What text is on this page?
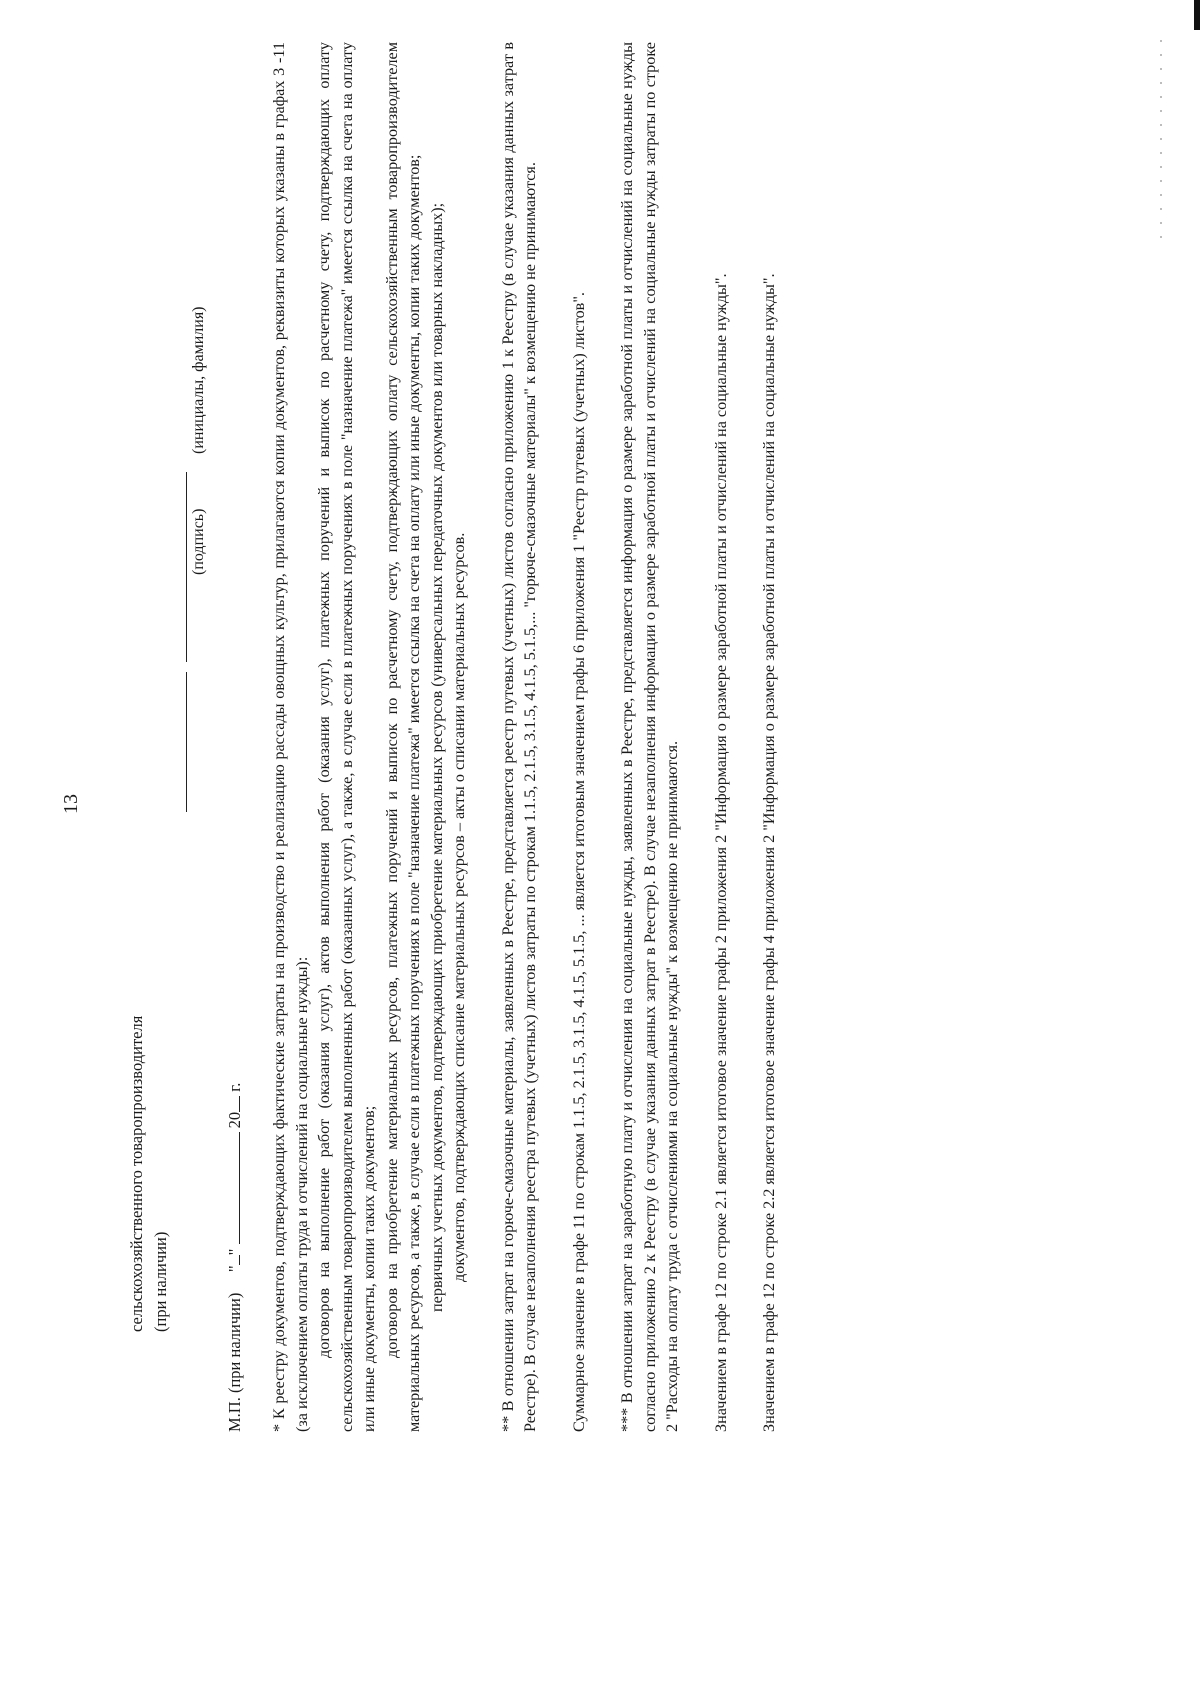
13
сельскохозяйственного товаропроизводителя (при наличии)
(подпись)
(инициалы, фамилия)
М.П. (при наличии)     ""  20 г. * К реестру документов, подтверждающих фактические затраты на производство и реализацию рассады овощных культур, прилагаются копии документов, реквизиты которых указаны в графах 3 -11 (за исключением оплаты труда и отчислений на социальные нужды): договоров на выполнение работ (оказания услуг), актов выполнения работ (оказания услуг), платежных поручений и выписок по расчетному счету, подтверждающих оплату сельскохозяйственным товаропроизводителем выполненных работ (оказанных услуг), а также, в случае если в платежных поручениях в поле "назначение платежа" имеется ссылка на счета на оплату или иные документы, копии таких документов; договоров на приобретение материальных ресурсов, платежных поручений и выписок по расчетному счету, подтверждающих оплату сельскохозяйственным товаропроизводителем материальных ресурсов, а также, в случае если в платежных поручениях в поле "назначение платежа" имеется ссылка на счета на оплату или иные документы, копии таких документов; первичных учетных документов, подтверждающих приобретение материальных ресурсов (универсальных передаточных документов или товарных накладных); документов, подтверждающих списание материальных ресурсов – акты о списании материальных ресурсов. ** В отношении затрат на горюче-смазочные материалы, заявленных в Реестре, представляется реестр путевых (учетных) листов согласно приложению 1 к Реестру (в случае указания данных затрат в Реестре). В случае незаполнения реестра путевых (учетных) листов затраты по строкам 1.1.5, 2.1.5, 3.1.5, 4.1.5, 5.1.5,... "горюче-смазочные материалы" к возмещению не принимаются. Суммарное значение в графе 11 по строкам 1.1.5, 2.1.5, 3.1.5, 4.1.5, 5.1.5, ... является итоговым значением графы 6 приложения 1 "Реестр путевых (учетных) листов". *** В отношении затрат на заработную плату и отчисления на социальные нужды, заявленных в Реестре, представляется информация о размере заработной платы и отчислений на социальные нужды согласно приложению 2 к Реестру (в случае указания данных затрат в Реестре). В случае незаполнения информации о размере заработной платы и отчислений на социальные нужды затраты по строке 2 "Расходы на оплату труда с отчислениями на социальные нужды" к возмещению не принимаются. Значением в графе 12 по строке 2.1 является итоговое значение графы 2 приложения 2 "Информация о размере заработной платы и отчислений на социальные нужды". Значением в графе 12 по строке 2.2 является итоговое значение графы 4 приложения 2 "Информация о размере заработной платы и отчислений на социальные нужды".
